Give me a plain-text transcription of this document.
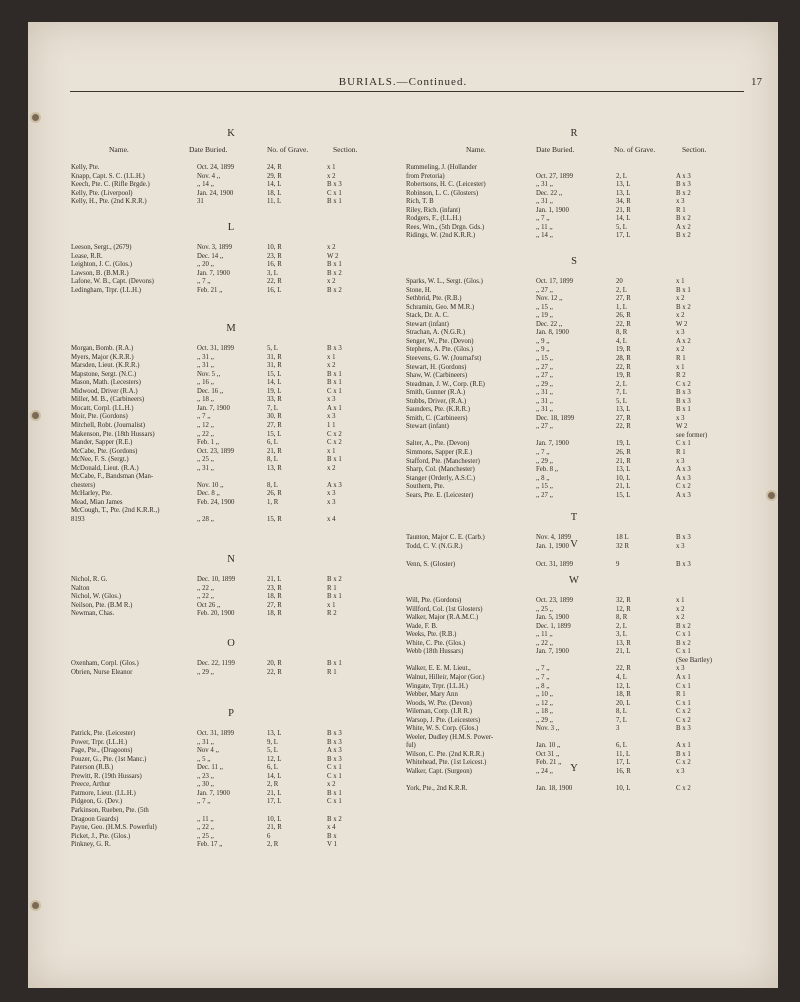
BURIALS.—Continued.	17
Name.	Date Buried.	No. of Grave.	Section.
K
Kelly, Pte.	Oct. 24, 1899	24, R	x 1
Knapp, Capt. S. C. (I.L.H.)	Nov. 4 ,,	29, R	x 2
Keech, Pte. C. (Rifle Brgde.)	,, 14 ,,	14, L	B x 3
Kelly, Pte. (Liverpool)	Jan. 24, 1900	18, L	C x 1
Kelly, H., Pte. (2nd K.R.R.)	31	11, L	B x 1
L
Leeson, Sergt., (2679)	Nov. 3, 1899	10, R	x 2
Lease, R.R.	Dec. 14 ,,	23, R	W 2
Leighton, J. C. (Glos.)	,, 20 ,,	16, R	B x 1
Lawson, B. (B.M.R.)	Jan. 7, 1900	3, L	B x 2
Lafone, W. B., Capt. (Devons)	,, 7 ,,	22, R	x 2
Ledingham, Trpr. (I.L.H.)	Feb. 21 ,,	16, L	B x 2
M
Morgan, Bomb. (R.A.)	Oct. 31, 1899	5, L	B x 3
Myers, Major (K.R.R.)	,, 31 ,,	31, R	x 1
Marsden, Lieut. (K.R.R.)	,, 31 ,,	31, R	x 2
Mapstone, Sergt. (N.C.)	Nov. 5 ,,	15, L	B x 1
Mason, Math. (Lecesters)	,, 16 ,,	14, L	B x 1
Midwood, Driver (R.A.)	Dec. 16 ,,	19, L	C x 1
Miller, M. B., (Carbineers)	,, 18 ,,	33, R	x 3
Mocatt, Corpl. (I.L.H.)	Jan. 7, 1900	7, L	A x 1
Moir, Pte. (Gordons)	,, 7 ,,	30, R	x 3
Mitchell, Robt. (Journalist)	,, 12 ,,	27, R	1 1
Makenson, Pte. (18th Hussars)	,, 22 ,,	15, L	C x 2
Mander, Sapper (R.E.)	Feb. 1 ,,	6, L	C x 2
McCabe, Pte. (Gordons)	Oct. 23, 1899	21, R	x 1
McNee, F. S. (Sergt.)	,, 25 ,,	8, L	B x 1
McDonald, Lieut. (R.A.)	,, 31 ,,	13, R	x 2
McCabe, F., Bandsman (Man-
chesters)	Nov. 10 ,,	8, L	A x 3
McHarley, Pte.	Dec. 8 ,,	26, R	x 3
Mead, Mian James	Feb. 24, 1900	1, R	x 3
McCough, T., Pte. (2nd K.R.R.,)
8193	,, 28 ,,	15, R	x 4
N
Nichol, R. G.	Dec. 10, 1899	21, L	B x 2
Nalton	,, 22 ,,	23, R	R 1
Nichol, W. (Glos.)	,, 22 ,,	18, R	B x 1
Neilson, Pte. (B.M R.)	Oct 26 ,,	27, R	x 1
Newman, Chas.	Feb. 20, 1900	18, R	R 2
O
Oxenham, Corpl. (Glos.)	Dec. 22, 1199	20, R	B x 1
Obrien, Nurse Eleanor	,, 29 ,,	22, R	R 1
P
Patrick, Pte. (Leicester)	Oct. 31, 1899	13, L	B x 3
Power, Trpr. (I.L.H.)	,, 31 ,,	9, L	B x 3
Page, Pte., (Dragoons)	Nov 4 ,,	5, L	A x 3
Pouzer, G., Pte. (1st Manc.)	,, 5 ,,	12, L	B x 3
Paterson (R.B.)	Dec. 11 ,,	6, L	C x 1
Prewitt, R. (19th Hussars)	,, 23 ,,	14, L	C x 1
Preece, Arthur	,, 30 ,,	2, R	x 2
Patmore, Lieut. (I.L.H.)	Jan. 7, 1900	21, L	B x 1
Pidgeon, G. (Dev.)	,, 7 ,,	17, L	C x 1
Parkinson, Rueben, Pte. (5th
Dragoon Guards)	,, 11 ,,	10, L	B x 2
Payne, Geo. (H.M.S. Powerful)	,, 22 ,,	21, R	x 4
Picket, J., Pte. (Glos.)	,, 25 ,,	6	B x
Pinkney, G. R.	Feb. 17 ,,	2, R	V 1
Name.	Date Buried.	No. of Grave.	Section.
R
Rummeling, J. (Hollander
from Pretoria)	Oct. 27, 1899	2, L	A x 3
Robertsons, H. C. (Leicester)	,, 31 ,,	13, L	B x 3
Robinson, L. C. (Glosters)	Dec. 22 ,,	13, L	B x 2
Rich, T. B	,, 31 ,,	34, R	x 3
Riley, Rich. (infant)	Jan. 1, 1900	21, R	R 1
Rodgers, F., (I.L.H.)	,, 7 ,,	14, L	B x 2
Rees, Wm., (5th Drgn. Gds.)	,, 11 ,,	5, L	A x 2
Ridings, W. (2nd K.R.R.)	,, 14 ,,	17, L	B x 2
S
Sparks, W. L., Sergt. (Glos.)	Oct. 17, 1899	20	x 1
Stone, H.	,, 27 ,,	2, L	B x 1
Sethbrid, Pte. (R.B.)	Nov. 12 ,,	27, R	x 2
Schramin, Geo. M M.R.)	,, 15 ,,	1, L	B x 2
Stack, Dr. A. C.	,, 19 ,,	26, R	x 2
Stewart (infant)	Dec. 22 ,,	22, R	W 2
Strachan, A. (N.G.R.)	Jan. 8, 1900	8, R	x 3
Senger, W., Pte. (Devon)	,, 9 ,,	4, L	A x 2
Stephens, A. Pte. (Glos.)	,, 9 ,,	19, R	x 2
Steevens, G. W. (Journal'st)	,, 15 ,,	28, R	R 1
Stewart, H. (Gordons)	,, 27 ,,	22, R	x 1
Shaw, W. (Carbineers)	,, 27 ,,	19, R	R 2
Steadman, J. W., Corp. (R.E)	,, 29 ,,	2, L	C x 2
Smith, Gunner (R.A.)	,, 31 ,,	7, L	B x 3
Stubbs, Driver, (R.A.)	,, 31 ,,	5, L	B x 3
Saunders, Pte. (K.R.R.)	,, 31 ,,	13, L	B x 1
Smith, C. (Carbineers)	Dec. 18, 1899	27, R	x 3
Stewart (infant)	,, 27 ,,	22, R	W 2
see former)
Salter, A., Pte. (Devon)	Jan. 7, 1900	19, L	C x 1
Simmons, Sapper (R.E.)	,, 7 ,,	26, R	R 1
Stafford, Pte. (Manchester)	,, 29 ,,	21, R	x 3
Sharp, Col. (Manchester)	Feb. 8 ,,	13, L	A x 3
Stanger (Orderly, A.S.C.)	,, 8 ,,	10, L	A x 3
Southern, Pte.	,, 15 ,,	21, L	C x 2
Sears, Pte. E. (Leicester)	,, 27 ,,	15, L	A x 3
T
Taunton, Major C. E. (Carb.)	Nov. 4, 1899	18 L	B x 3
Todd, C. V. (N.G.R.)	Jan. 1, 1900	32 R	x 3
V
Venn, S. (Gloster)	Oct. 31, 1899	9	B x 3
W
Will, Pte. (Gordons)	Oct. 23, 1899	32, R	x 1
Willford, Col. (1st Glosters)	,, 25 ,,	12, R	x 2
Walker, Major (R.A.M.C.)	Jan. 5, 1900	8, R	x 2
Wade, F. B.	Dec. 1, 1899	2, L	B x 2
Weeks, Pte. (R.B.)	,, 11 ,,	3, L	C x 1
White, C. Pte. (Glos.)	,, 22 ,,	13, R	B x 2
Webb (18th Hussars)	Jan. 7, 1900	21, L	C x 1
(See Bartley)
Walker, E. E. M. Lieut.,	,, 7 ,,	22, R	x 3
Walnut, Hilleir, Major (Gor.)	,, 7 ,,	4, L	A x 1
Wingate, Trpr. (I.L.H.)	,, 8 ,,	12, L	C x 1
Webber, Mary Ann	,, 10 ,,	18, R	R 1
Woods, W. Pte. (Devon)	,, 12 ,,	20, L	C x 1
Wileman, Corp. (I.R R.)	,, 18 ,,	8, L	C x 2
Warsop, J. Pte. (Leicesters)	,, 29 ,,	7, L	C x 2
White, W. S. Corp. (Glos.)	Nov. 3 ,,	3	B x 3
Weeler, Dudley (H.M.S. Power-
ful)	Jan. 10 ,,	6, L	A x 1
Wilson, C. Pte. (2nd K.R.R.)	Oct 31 ,,	11, L	B x 1
Whitehead, Pte. (1st Leicest.)	Feb. 21 ,,	17, L	C x 2
Walker, Capt. (Surgeon)	,, 24 ,,	16, R	x 3
Y
York, Pte., 2nd K.R.R.	Jan. 18, 1900	10, L	C x 2
